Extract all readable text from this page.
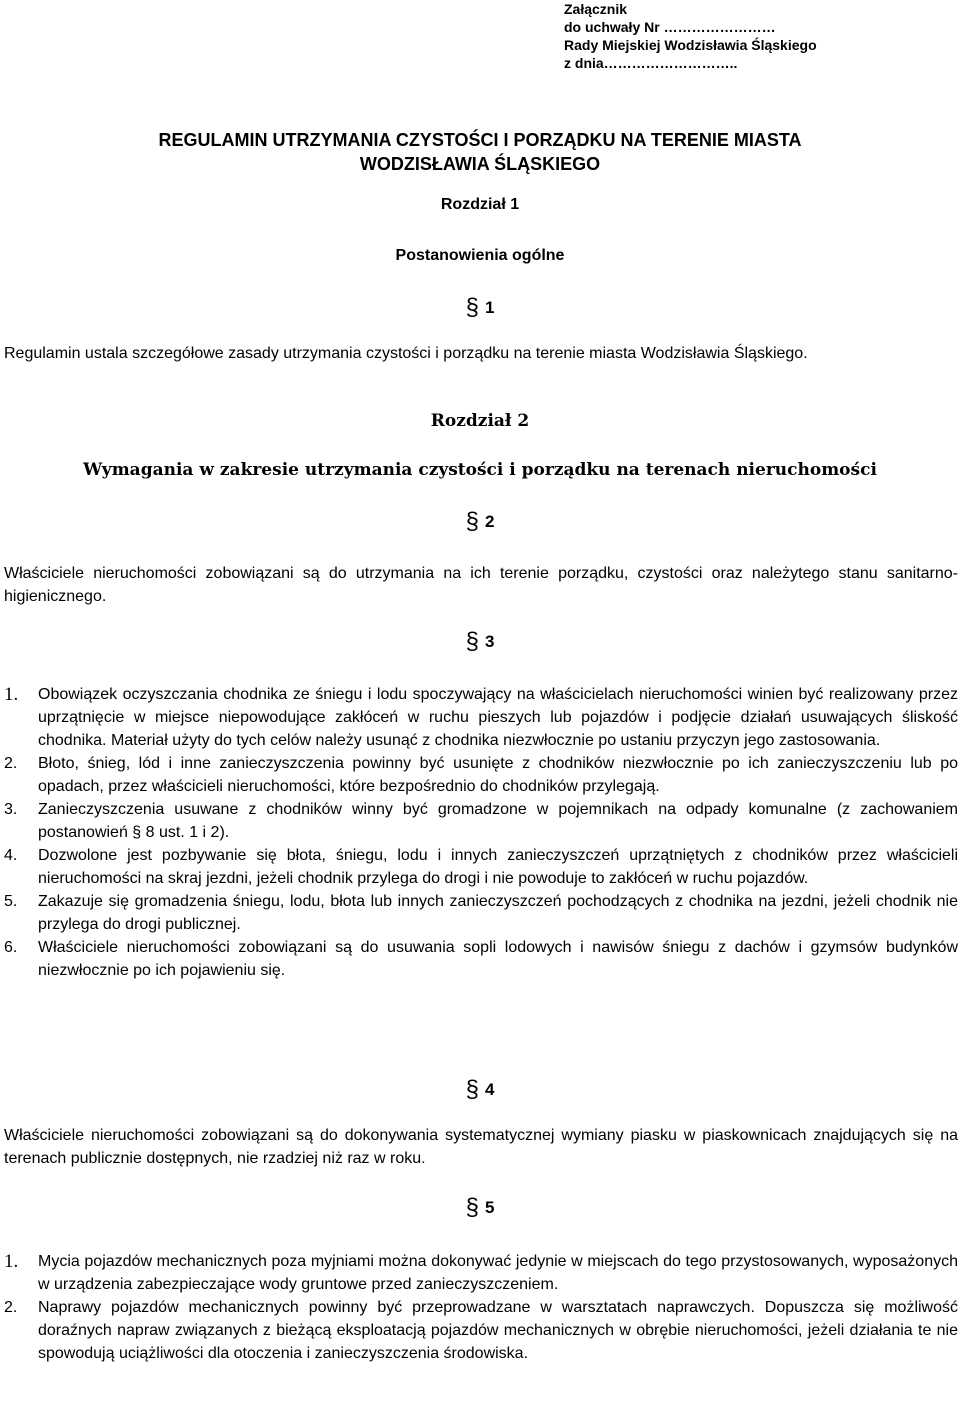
Załącznik
do uchwały Nr ……………………
Rady Miejskiej Wodzisławia Śląskiego
z dnia………………………..
REGULAMIN UTRZYMANIA CZYSTOŚCI I PORZĄDKU NA TERENIE MIASTA
WODZISŁAWIA ŚLĄSKIEGO
Rozdział 1
Postanowienia ogólne
§ 1
Regulamin ustala szczegółowe zasady utrzymania czystości i porządku na terenie miasta Wodzisławia Śląskiego.
Rozdział 2
Wymagania w zakresie utrzymania czystości i porządku na terenach nieruchomości
§ 2
Właściciele nieruchomości zobowiązani są do utrzymania na ich terenie porządku, czystości oraz należytego stanu sanitarno-higienicznego.
§ 3
1.	Obowiązek oczyszczania chodnika ze śniegu i lodu spoczywający na właścicielach nieruchomości winien być realizowany przez uprzątnięcie w miejsce niepowodujące zakłóceń w ruchu pieszych lub pojazdów i podjęcie działań usuwających śliskość chodnika. Materiał użyty do tych celów należy usunąć z chodnika niezwłocznie po ustaniu przyczyn jego zastosowania.
2.	Błoto, śnieg, lód i inne zanieczyszczenia powinny być usunięte z chodników niezwłocznie po ich zanieczyszczeniu lub po opadach, przez właścicieli nieruchomości, które bezpośrednio do chodników przylegają.
3.	Zanieczyszczenia usuwane z chodników winny być gromadzone w pojemnikach na odpady komunalne (z zachowaniem postanowień § 8 ust. 1 i 2).
4.	Dozwolone jest pozbywanie się błota, śniegu, lodu i innych zanieczyszczeń uprzątniętych z chodników przez właścicieli nieruchomości na skraj jezdni, jeżeli chodnik przylega do drogi i nie powoduje to zakłóceń w ruchu pojazdów.
5.	Zakazuje się gromadzenia śniegu, lodu, błota lub innych zanieczyszczeń pochodzących z chodnika na jezdni, jeżeli chodnik nie przylega do drogi publicznej.
6.	Właściciele nieruchomości zobowiązani są do usuwania sopli lodowych i nawisów śniegu z dachów i gzymsów budynków niezwłocznie po ich pojawieniu się.
§ 4
Właściciele nieruchomości zobowiązani są do dokonywania systematycznej wymiany piasku w piaskownicach znajdujących się na terenach publicznie dostępnych, nie rzadziej niż raz w roku.
§ 5
1.	Mycia pojazdów mechanicznych poza myjniami można dokonywać jedynie w miejscach do tego przystosowanych, wyposażonych w urządzenia zabezpieczające wody gruntowe przed zanieczyszczeniem.
2.	Naprawy pojazdów mechanicznych powinny być przeprowadzane w warsztatach naprawczych. Dopuszcza się możliwość doraźnych napraw związanych z bieżącą eksploatacją pojazdów mechanicznych w obrębie nieruchomości, jeżeli działania te nie spowodują uciążliwości dla otoczenia i zanieczyszczenia środowiska.
